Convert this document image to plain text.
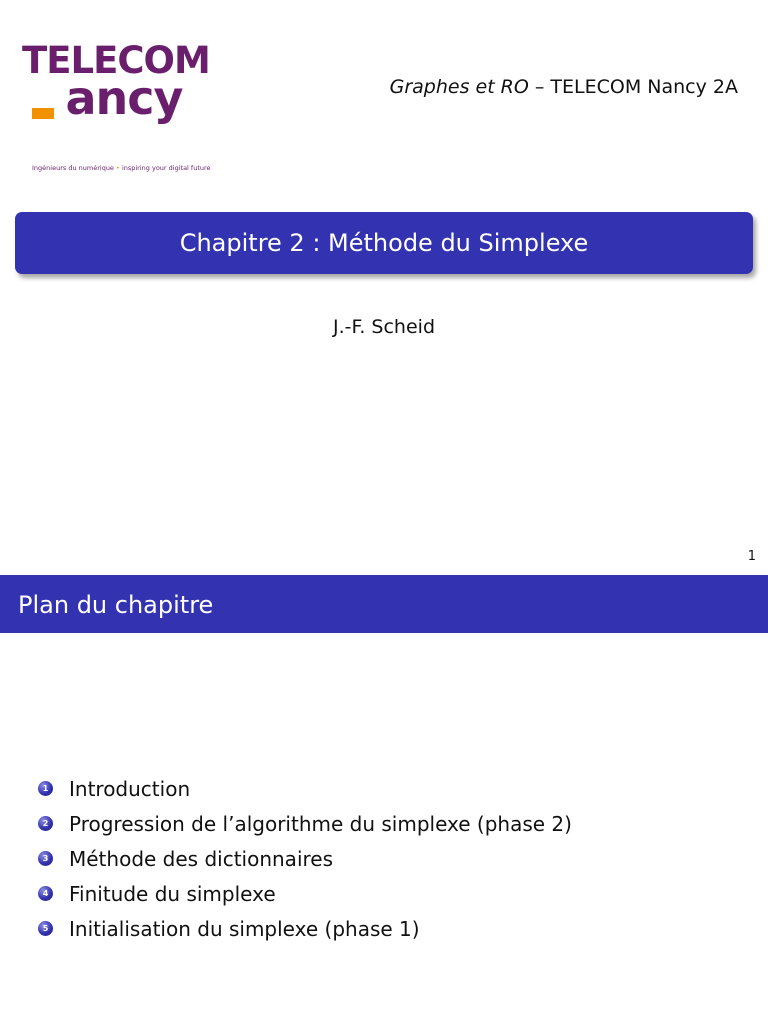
TELECOM
ancy
Ingénieurs du numérique • inspiring your digital future
Graphes et RO – TELECOM Nancy 2A
Chapitre 2 : Méthode du Simplexe
J.-F. Scheid
1
Plan du chapitre
1 Introduction
2 Progression de l’algorithme du simplexe (phase 2)
3 Méthode des dictionnaires
4 Finitude du simplexe
5 Initialisation du simplexe (phase 1)
